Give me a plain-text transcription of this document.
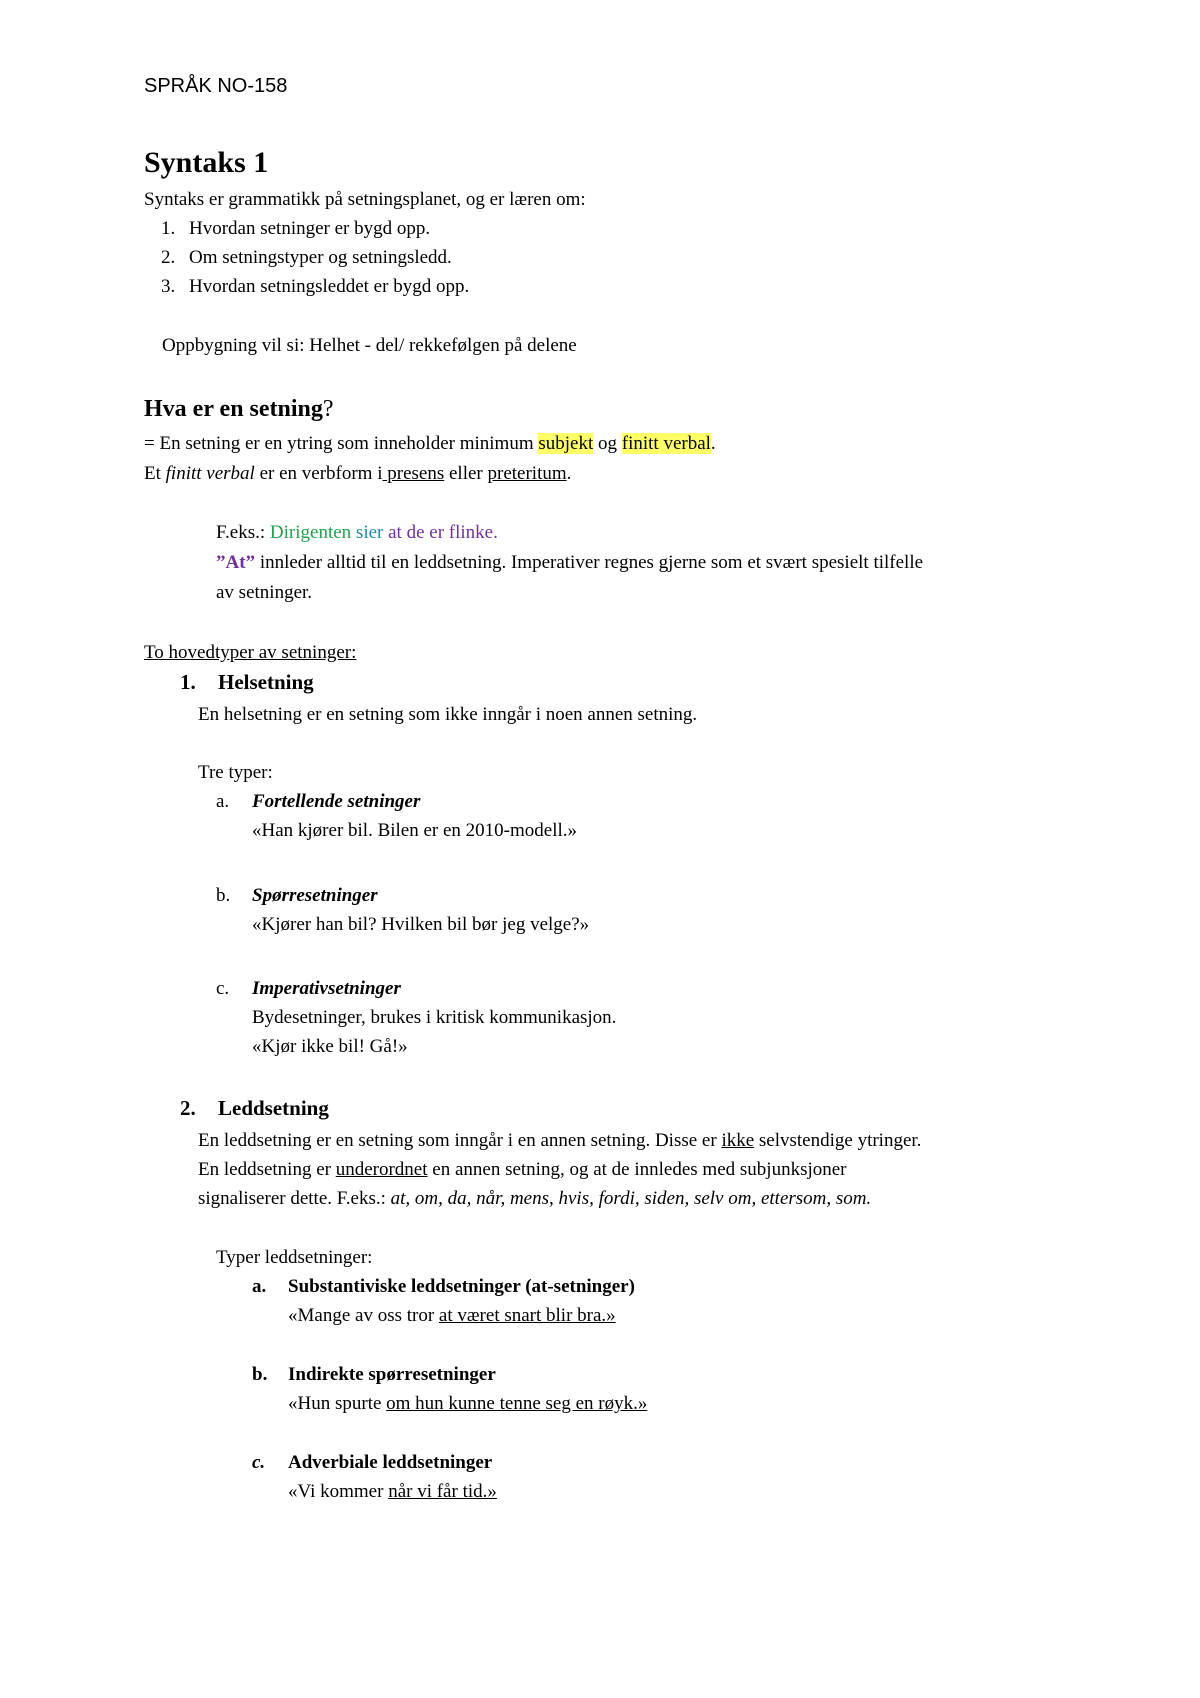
SPRÅK NO-158
Syntaks 1
Syntaks er grammatikk på setningsplanet, og er læren om:
1. Hvordan setninger er bygd opp.
2. Om setningstyper og setningsledd.
3. Hvordan setningsleddet er bygd opp.
Oppbygning vil si: Helhet - del/ rekkefølgen på delene
Hva er en setning?
= En setning er en ytring som inneholder minimum subjekt og finitt verbal.
Et finitt verbal er en verbform i presens eller preteritum.
F.eks.: Dirigenten sier at de er flinke.
”At” innleder alltid til en leddsetning. Imperativer regnes gjerne som et svært spesielt tilfelle
av setninger.
To hovedtyper av setninger:
1. Helsetning
En helsetning er en setning som ikke inngår i noen annen setning.
Tre typer:
a. Fortellende setninger
«Han kjører bil. Bilen er en 2010-modell.»
b. Spørresetninger
«Kjører han bil? Hvilken bil bør jeg velge?»
c. Imperativsetninger
Bydesetninger, brukes i kritisk kommunikasjon.
«Kjør ikke bil! Gå!»
2. Leddsetning
En leddsetning er en setning som inngår i en annen setning. Disse er ikke selvstendige ytringer.
En leddsetning er underordnet en annen setning, og at de innledes med subjunksjoner
signaliserer dette. F.eks.: at, om, da, når, mens, hvis, fordi, siden, selv om, ettersom, som.
Typer leddsetninger:
a. Substantiviske leddsetninger (at-setninger)
«Mange av oss tror at været snart blir bra.»
b. Indirekte spørresetninger
«Hun spurte om hun kunne tenne seg en røyk.»
c. Adverbiale leddsetninger
«Vi kommer når vi får tid.»
